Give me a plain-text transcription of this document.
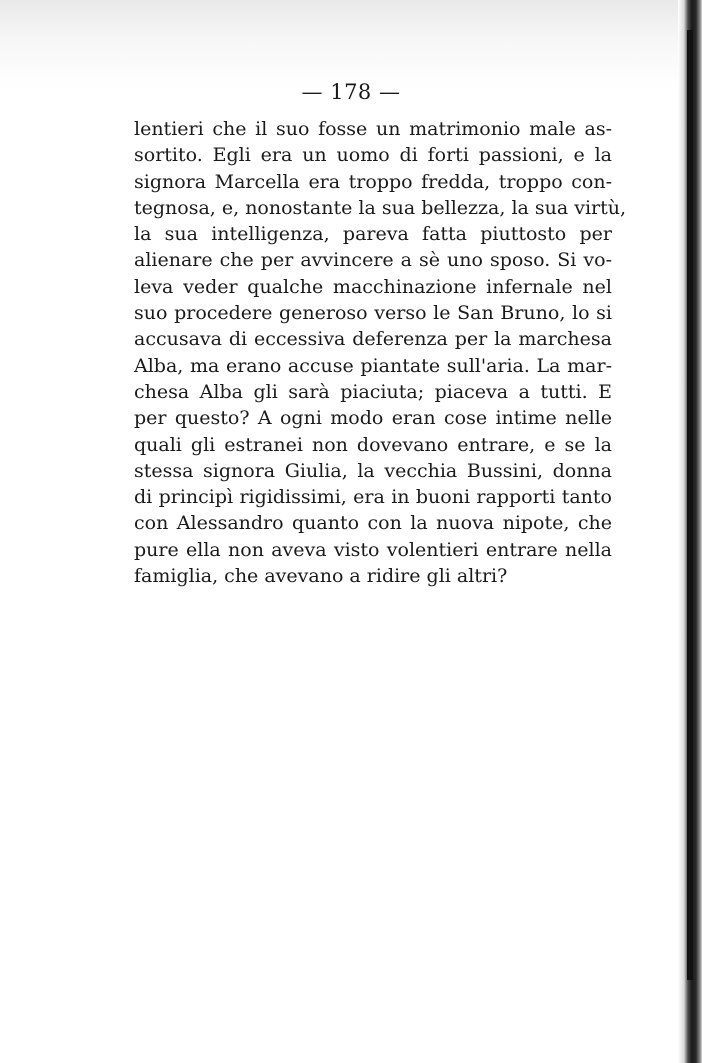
— 178 —
lentieri che il suo fosse un matrimonio male as-
sortito. Egli era un uomo di forti passioni, e la
signora Marcella era troppo fredda, troppo con-
tegnosa, e, nonostante la sua bellezza, la sua virtù,
la sua intelligenza, pareva fatta piuttosto per
alienare che per avvincere a sè uno sposo. Si vo-
leva veder qualche macchinazione infernale nel
suo procedere generoso verso le San Bruno, lo si
accusava di eccessiva deferenza per la marchesa
Alba, ma erano accuse piantate sull'aria. La mar-
chesa Alba gli sarà piaciuta; piaceva a tutti. E
per questo? A ogni modo eran cose intime nelle
quali gli estranei non dovevano entrare, e se la
stessa signora Giulia, la vecchia Bussini, donna
di principì rigidissimi, era in buoni rapporti tanto
con Alessandro quanto con la nuova nipote, che
pure ella non aveva visto volentieri entrare nella
famiglia, che avevano a ridire gli altri?
